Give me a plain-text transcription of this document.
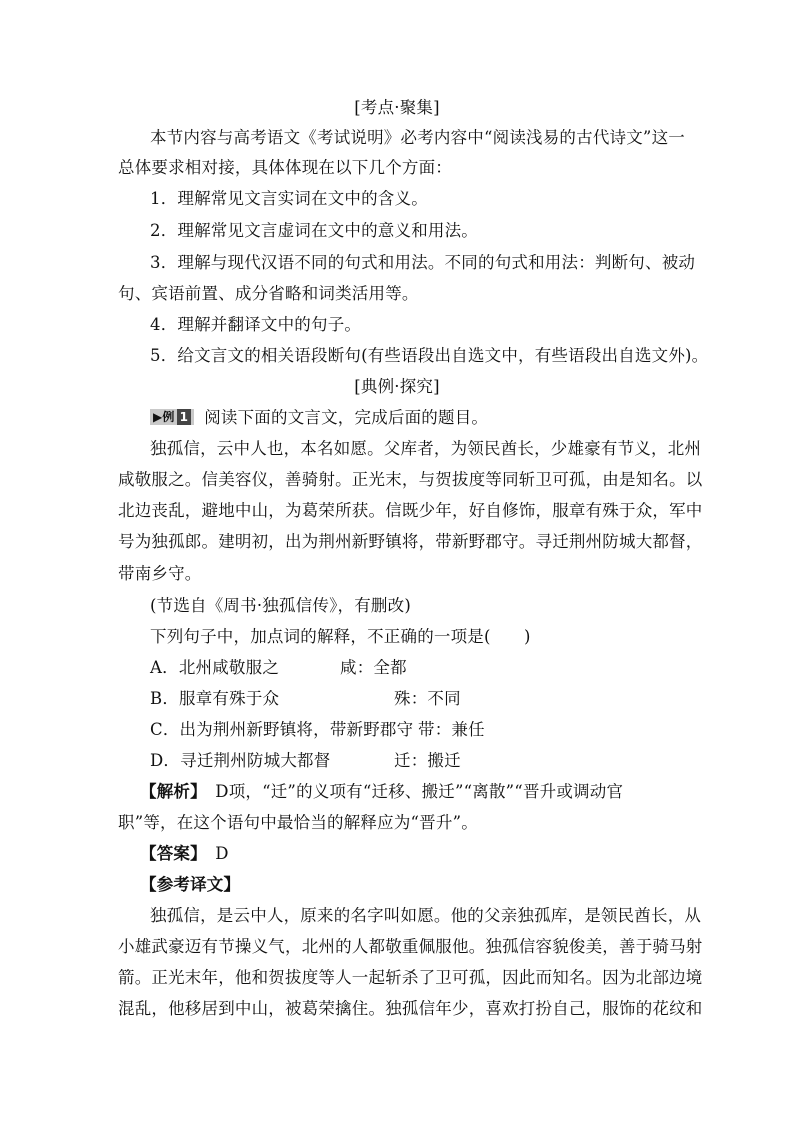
[考点·聚集]
本节内容与高考语文《考试说明》必考内容中“阅读浅易的古代诗文”这一
总体要求相对接，具体体现在以下几个方面：
1．理解常见文言实词在文中的含义。
2．理解常见文言虚词在文中的意义和用法。
3．理解与现代汉语不同的句式和用法。不同的句式和用法：判断句、被动
句、宾语前置、成分省略和词类活用等。
4．理解并翻译文中的句子。
5．给文言文的相关语段断句(有些语段出自选文中，有些语段出自选文外)。
[典例·探究]
▶例 1 阅读下面的文言文，完成后面的题目。
独孤信，云中人也，本名如愿。父库者，为领民酋长，少雄豪有节义，北州
咸敬服之。信美容仪，善骑射。正光末，与贺拔度等同斩卫可孤，由是知名。以
北边丧乱，避地中山，为葛荣所获。信既少年，好自修饰，服章有殊于众，军中
号为独孤郎。建明初，出为荆州新野镇将，带新野郡守。寻迁荆州防城大都督，
带南乡守。
(节选自《周书·独孤信传》，有删改)
下列句子中，加点词的解释，不正确的一项是(　　)
A．北州咸敬服之	咸：全都
B．服章有殊于众	殊：不同
C．出为荆州新野镇将，带新野郡守 带：兼任
D．寻迁荆州防城大都督	迁：搬迁
【解析】　 D项，“迁”的义项有“迁移、搬迁”“离散”“晋升或调动官
职”等，在这个语句中最恰当的解释应为“晋升”。
【答案】　 D
【参考译文】
独孤信，是云中人，原来的名字叫如愿。他的父亲独孤库，是领民酋长，从
小雄武豪迈有节操义气，北州的人都敬重佩服他。独孤信容貌俊美，善于骑马射
箭。正光末年，他和贺拔度等人一起斩杀了卫可孤，因此而知名。因为北部边境
混乱，他移居到中山，被葛荣擒住。独孤信年少，喜欢打扮自己，服饰的花纹和
